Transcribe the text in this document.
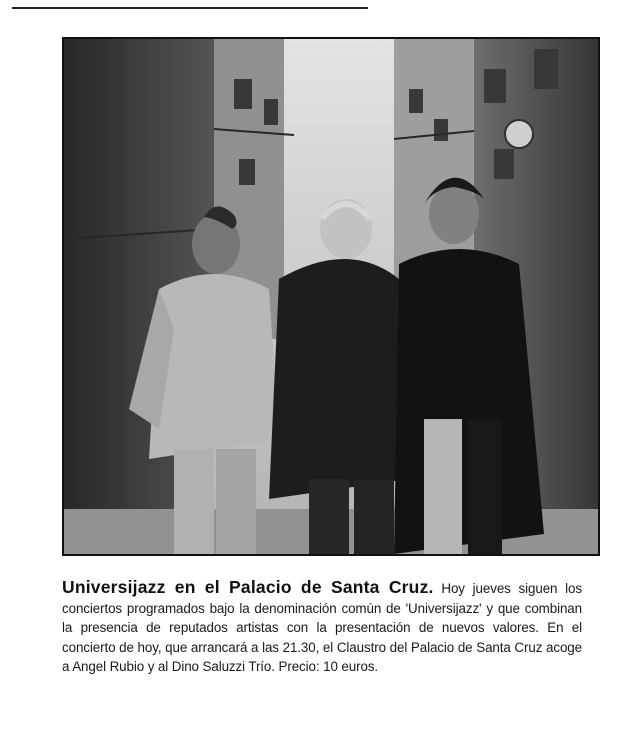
Universijazz en el Palacio de Santa Cruz. Hoy jueves siguen los conciertos programados bajo la denominación común de 'Universijazz' y que combinan la presencia de reputados artistas con la presentación de nuevos valores. En el concierto de hoy, que arrancará a las 21.30, el Claustro del Palacio de Santa Cruz acoge a Angel Rubio y al Dino Saluzzi Trío. Precio: 10 euros.
